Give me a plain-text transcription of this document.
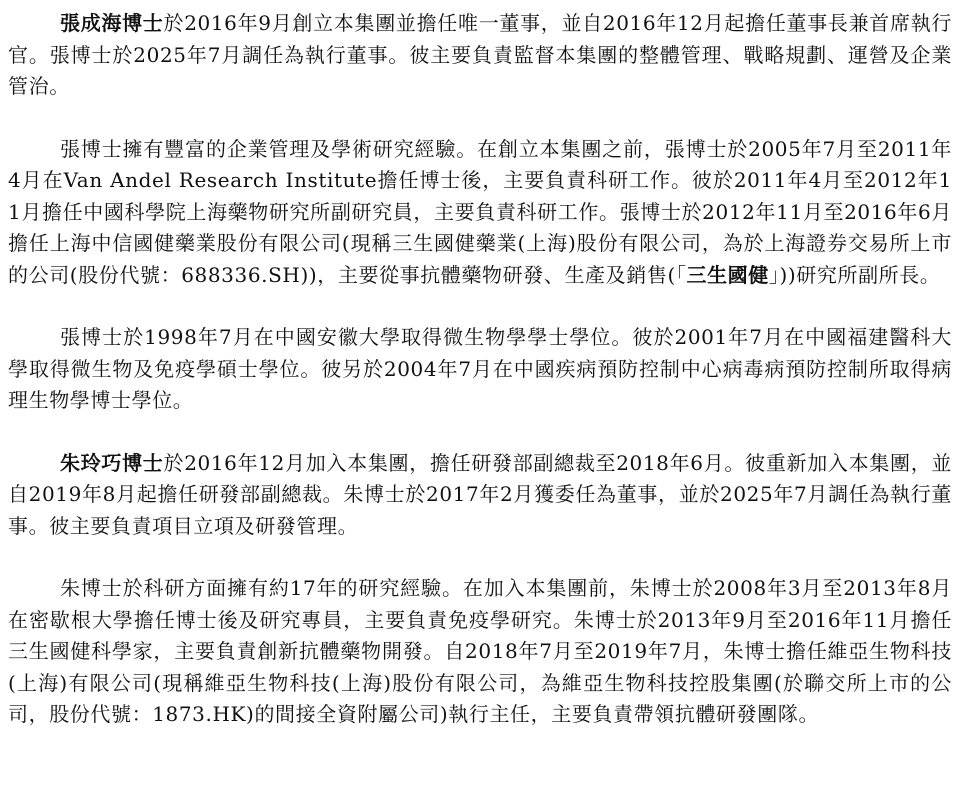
張成海博士於2016年9月創立本集團並擔任唯一董事，並自2016年12月起擔任董事長兼首席執行官。張博士於2025年7月調任為執行董事。彼主要負責監督本集團的整體管理、戰略規劃、運營及企業管治。

張博士擁有豐富的企業管理及學術研究經驗。在創立本集團之前，張博士於2005年7月至2011年4月在Van Andel Research Institute擔任博士後，主要負責科研工作。彼於2011年4月至2012年11月擔任中國科學院上海藥物研究所副研究員，主要負責科研工作。張博士於2012年11月至2016年6月擔任上海中信國健藥業股份有限公司(現稱三生國健藥業(上海)股份有限公司，為於上海證券交易所上市的公司(股份代號：688336.SH))，主要從事抗體藥物研發、生產及銷售(「三生國健」))研究所副所長。

張博士於1998年7月在中國安徽大學取得微生物學學士學位。彼於2001年7月在中國福建醫科大學取得微生物及免疫學碩士學位。彼另於2004年7月在中國疾病預防控制中心病毒病預防控制所取得病理生物學博士學位。

朱玲巧博士於2016年12月加入本集團，擔任研發部副總裁至2018年6月。彼重新加入本集團，並自2019年8月起擔任研發部副總裁。朱博士於2017年2月獲委任為董事，並於2025年7月調任為執行董事。彼主要負責項目立項及研發管理。

朱博士於科研方面擁有約17年的研究經驗。在加入本集團前，朱博士於2008年3月至2013年8月在密歇根大學擔任博士後及研究專員，主要負責免疫學研究。朱博士於2013年9月至2016年11月擔任三生國健科學家，主要負責創新抗體藥物開發。自2018年7月至2019年7月，朱博士擔任維亞生物科技(上海)有限公司(現稱維亞生物科技(上海)股份有限公司，為維亞生物科技控股集團(於聯交所上市的公司，股份代號：1873.HK)的間接全資附屬公司)執行主任，主要負責帶領抗體研發團隊。
